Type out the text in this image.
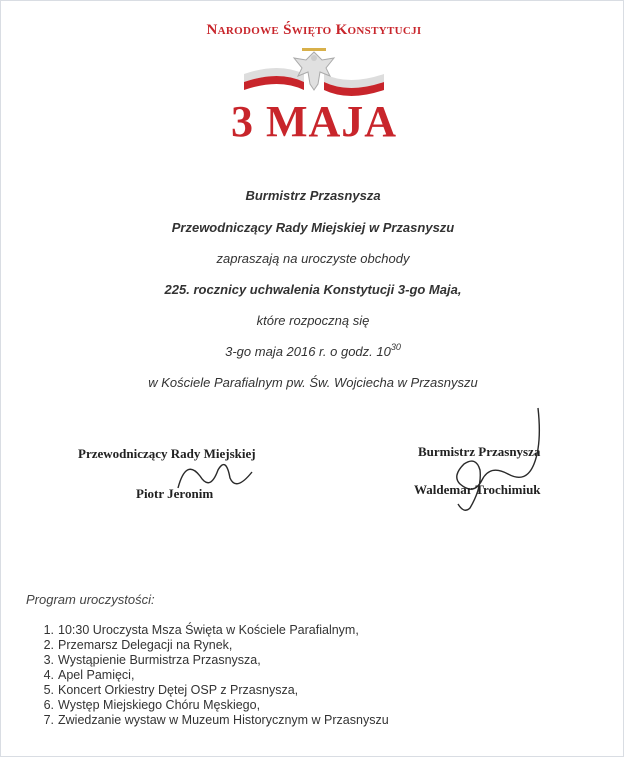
Narodowe Święto Konstytucji
3 MAJA
Burmistrz Przasnysza
Przewodniczący Rady Miejskiej w Przasnyszu
zapraszają na uroczyste obchody
225. rocznicy uchwalenia Konstytucji 3-go Maja,
które rozpoczną się
3-go maja 2016 r. o godz. $10^{30}$
w Kościele Parafialnym pw. Św. Wojciecha w Przasnyszu
Przewodniczący Rady Miejskiej
Piotr Jeronim
Burmistrz Przasnysza
Waldemar Trochimiuk
Program uroczystości:
1. 10:30 Uroczysta Msza Święta w Kościele Parafialnym,
2. Przemarsz Delegacji na Rynek,
3. Wystąpienie Burmistrza Przasnysza,
4. Apel Pamięci,
5. Koncert Orkiestry Dętej OSP z Przasnysza,
6. Występ Miejskiego Chóru Męskiego,
7. Zwiedzanie wystaw w Muzeum Historycznym w Przasnyszu
